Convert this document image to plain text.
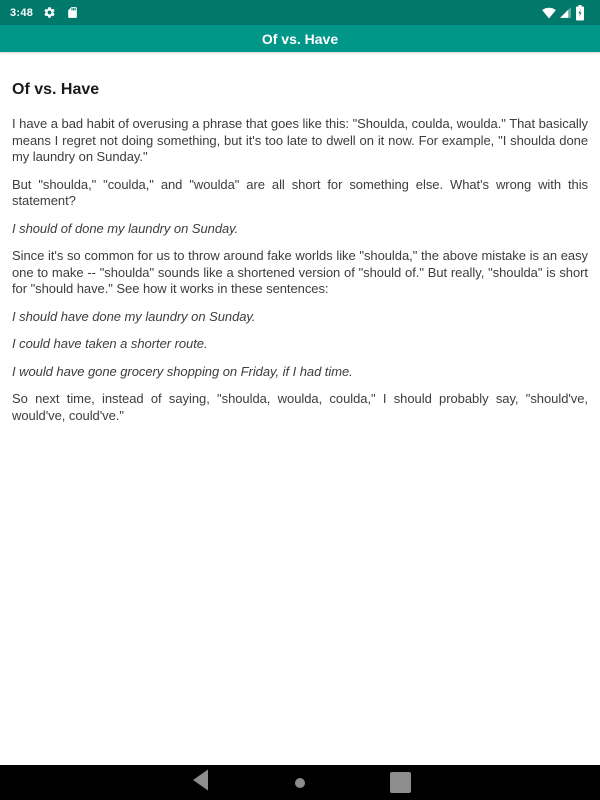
3:48
Of vs. Have
Of vs. Have

I have a bad habit of overusing a phrase that goes like this: "Shoulda, coulda, woulda." That basically means I regret not doing something, but it's too late to dwell on it now. For example, "I shoulda done my laundry on Sunday."

But "shoulda," "coulda," and "woulda" are all short for something else. What's wrong with this statement?

I should of done my laundry on Sunday.

Since it's so common for us to throw around fake worlds like "shoulda," the above mistake is an easy one to make -- "shoulda" sounds like a shortened version of "should of." But really, "shoulda" is short for "should have." See how it works in these sentences:

I should have done my laundry on Sunday.

I could have taken a shorter route.

I would have gone grocery shopping on Friday, if I had time.

So next time, instead of saying, "shoulda, woulda, coulda," I should probably say, "should've, would've, could've."
